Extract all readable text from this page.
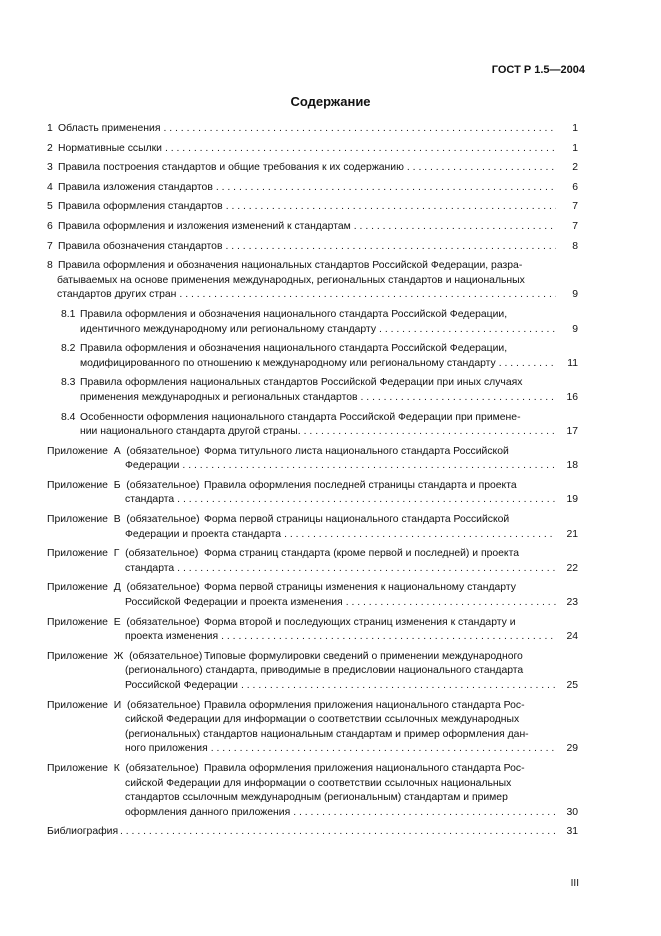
ГОСТ Р 1.5—2004
Содержание
1 Область применения . . .	1
2 Нормативные ссылки . . .	1
3 Правила построения стандартов и общие требования к их содержанию . . .	2
4 Правила изложения стандартов . . .	6
5 Правила оформления стандартов . . .	7
6 Правила оформления и изложения изменений к стандартам . . .	7
7 Правила обозначения стандартов . . .	8
8 Правила оформления и обозначения национальных стандартов Российской Федерации, разра-
батываемых на основе применения международных, региональных стандартов и национальных
стандартов других стран . . .	9
8.1 Правила оформления и обозначения национального стандарта Российской Федерации,
идентичного международному или региональному стандарту . . .	9
8.2 Правила оформления и обозначения национального стандарта Российской Федерации,
модифицированного по отношению к международному или региональному стандарту . . .	11
8.3 Правила оформления национальных стандартов Российской Федерации при иных случаях
применения международных и региональных стандартов . . .	16
8.4 Особенности оформления национального стандарта Российской Федерации при примене-
нии национального стандарта другой страны. . . .	17
Приложение  А  (обязательное) Форма титульного листа национального стандарта Российской
Федерации . . .	18
Приложение  Б  (обязательное) Правила оформления последней страницы стандарта и проекта
стандарта . . .	19
Приложение  В  (обязательное) Форма первой страницы национального стандарта Российской
Федерации и проекта стандарта . . .	21
Приложение  Г  (обязательное) Форма страниц стандарта (кроме первой и последней) и проекта
стандарта . . .	22
Приложение  Д  (обязательное) Форма первой страницы изменения к национальному стандарту
Российской Федерации и проекта изменения . . .	23
Приложение  Е  (обязательное) Форма второй и последующих страниц изменения к стандарту и
проекта изменения . . .	24
Приложение  Ж  (обязательное) Типовые формулировки сведений о применении международного
(регионального) стандарта, приводимые в предисловии национального стандарта
Российской Федерации . . .	25
Приложение  И  (обязательное) Правила оформления приложения национального стандарта Рос-
сийской Федерации для информации о соответствии ссылочных международных
(региональных) стандартов национальным стандартам и пример оформления дан-
ного приложения . . .	29
Приложение  К  (обязательное) Правила оформления приложения национального стандарта Рос-
сийской Федерации для информации о соответствии ссылочных национальных
стандартов ссылочным международным (региональным) стандартам и пример
оформления данного приложения . . .	30
Библиография . . .	31
III
